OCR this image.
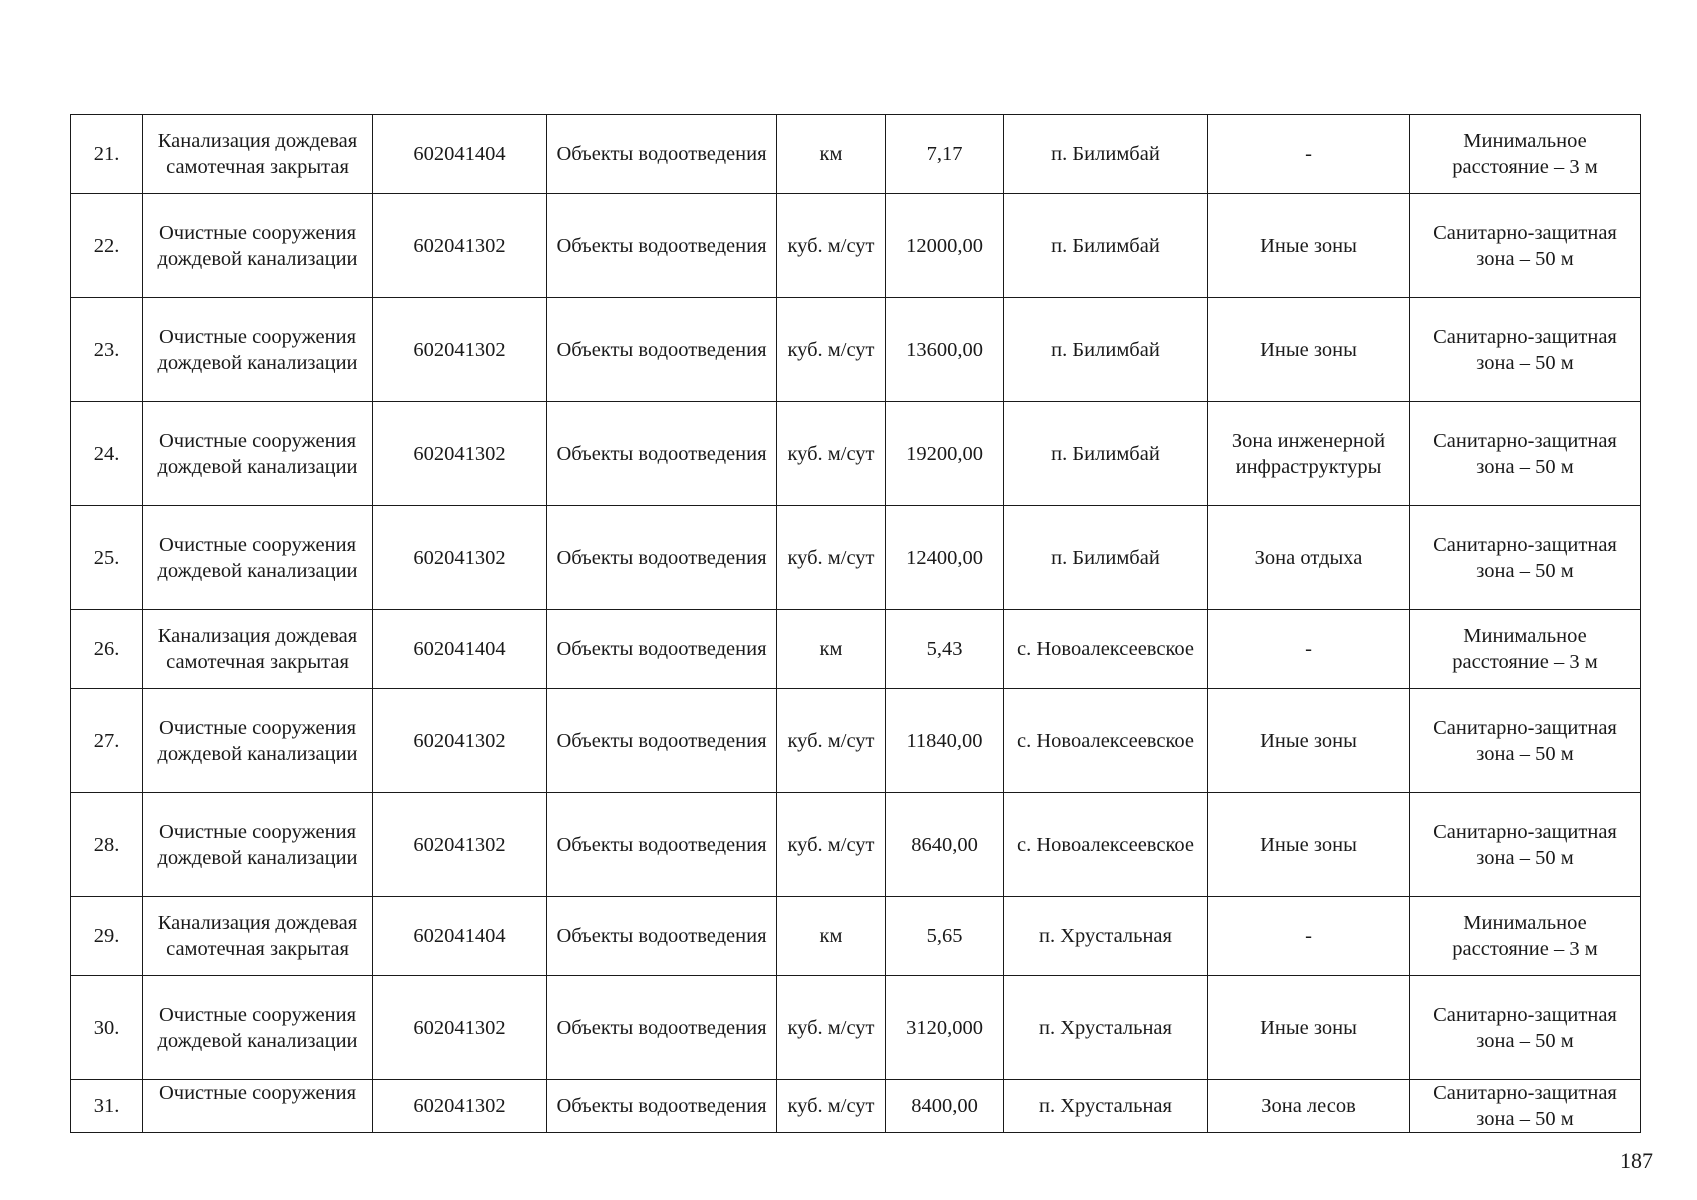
21.	Канализация дождевая самотечная закрытая	602041404	Объекты водоотведения	км	7,17	п. Билимбай	-	Минимальное расстояние – 3 м
22.	Очистные сооружения дождевой канализации	602041302	Объекты водоотведения	куб. м/сут	12000,00	п. Билимбай	Иные зоны	Санитарно-защитная зона – 50 м
23.	Очистные сооружения дождевой канализации	602041302	Объекты водоотведения	куб. м/сут	13600,00	п. Билимбай	Иные зоны	Санитарно-защитная зона – 50 м
24.	Очистные сооружения дождевой канализации	602041302	Объекты водоотведения	куб. м/сут	19200,00	п. Билимбай	Зона инженерной инфраструктуры	Санитарно-защитная зона – 50 м
25.	Очистные сооружения дождевой канализации	602041302	Объекты водоотведения	куб. м/сут	12400,00	п. Билимбай	Зона отдыха	Санитарно-защитная зона – 50 м
26.	Канализация дождевая самотечная закрытая	602041404	Объекты водоотведения	км	5,43	с. Новоалексеевское	-	Минимальное расстояние – 3 м
27.	Очистные сооружения дождевой канализации	602041302	Объекты водоотведения	куб. м/сут	11840,00	с. Новоалексеевское	Иные зоны	Санитарно-защитная зона – 50 м
28.	Очистные сооружения дождевой канализации	602041302	Объекты водоотведения	куб. м/сут	8640,00	с. Новоалексеевское	Иные зоны	Санитарно-защитная зона – 50 м
29.	Канализация дождевая самотечная закрытая	602041404	Объекты водоотведения	км	5,65	п. Хрустальная	-	Минимальное расстояние – 3 м
30.	Очистные сооружения дождевой канализации	602041302	Объекты водоотведения	куб. м/сут	3120,000	п. Хрустальная	Иные зоны	Санитарно-защитная зона – 50 м
31.	Очистные сооружения	602041302	Объекты водоотведения	куб. м/сут	8400,00	п. Хрустальная	Зона лесов	Санитарно-защитная зона – 50 м
187
